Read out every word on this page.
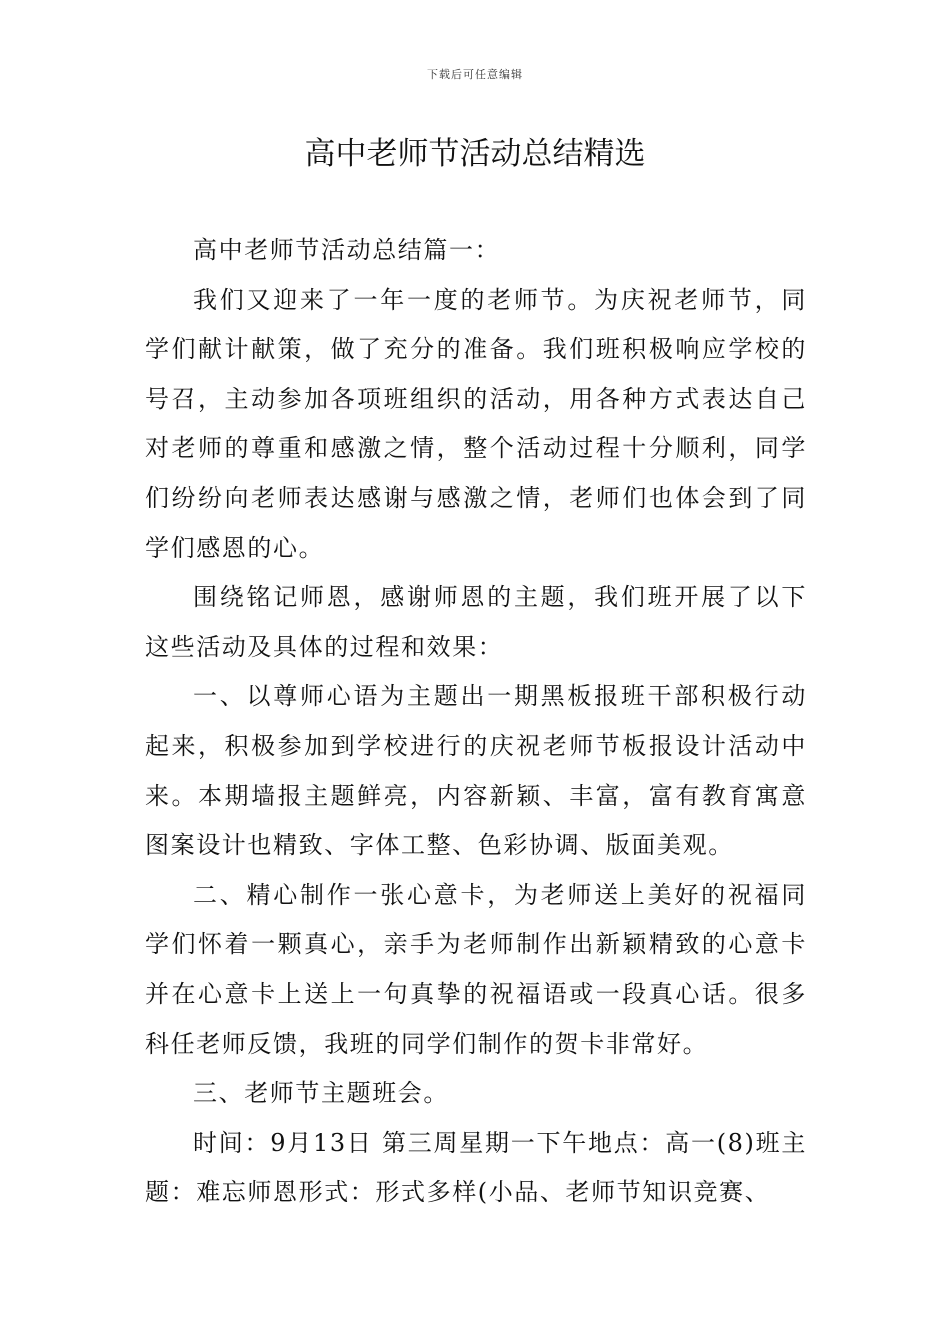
下载后可任意编辑
高中老师节活动总结精选

高中老师节活动总结篇一：

我们又迎来了一年一度的老师节。为庆祝老师节，同学们献计献策，做了充分的准备。我们班积极响应学校的号召，主动参加各项班组织的活动，用各种方式表达自己对老师的尊重和感激之情，整个活动过程十分顺利，同学们纷纷向老师表达感谢与感激之情，老师们也体会到了同学们感恩的心。

围绕铭记师恩，感谢师恩的主题，我们班开展了以下这些活动及具体的过程和效果：

一、以尊师心语为主题出一期黑板报班干部积极行动起来，积极参加到学校进行的庆祝老师节板报设计活动中来。本期墙报主题鲜亮，内容新颖、丰富，富有教育寓意图案设计也精致、字体工整、色彩协调、版面美观。

二、精心制作一张心意卡，为老师送上美好的祝福同学们怀着一颗真心，亲手为老师制作出新颖精致的心意卡并在心意卡上送上一句真挚的祝福语或一段真心话。很多科任老师反馈，我班的同学们制作的贺卡非常好。

三、老师节主题班会。

时间：9月13日 第三周星期一下午地点：高一(8)班主题：难忘师恩形式：形式多样(小品、老师节知识竞赛、
